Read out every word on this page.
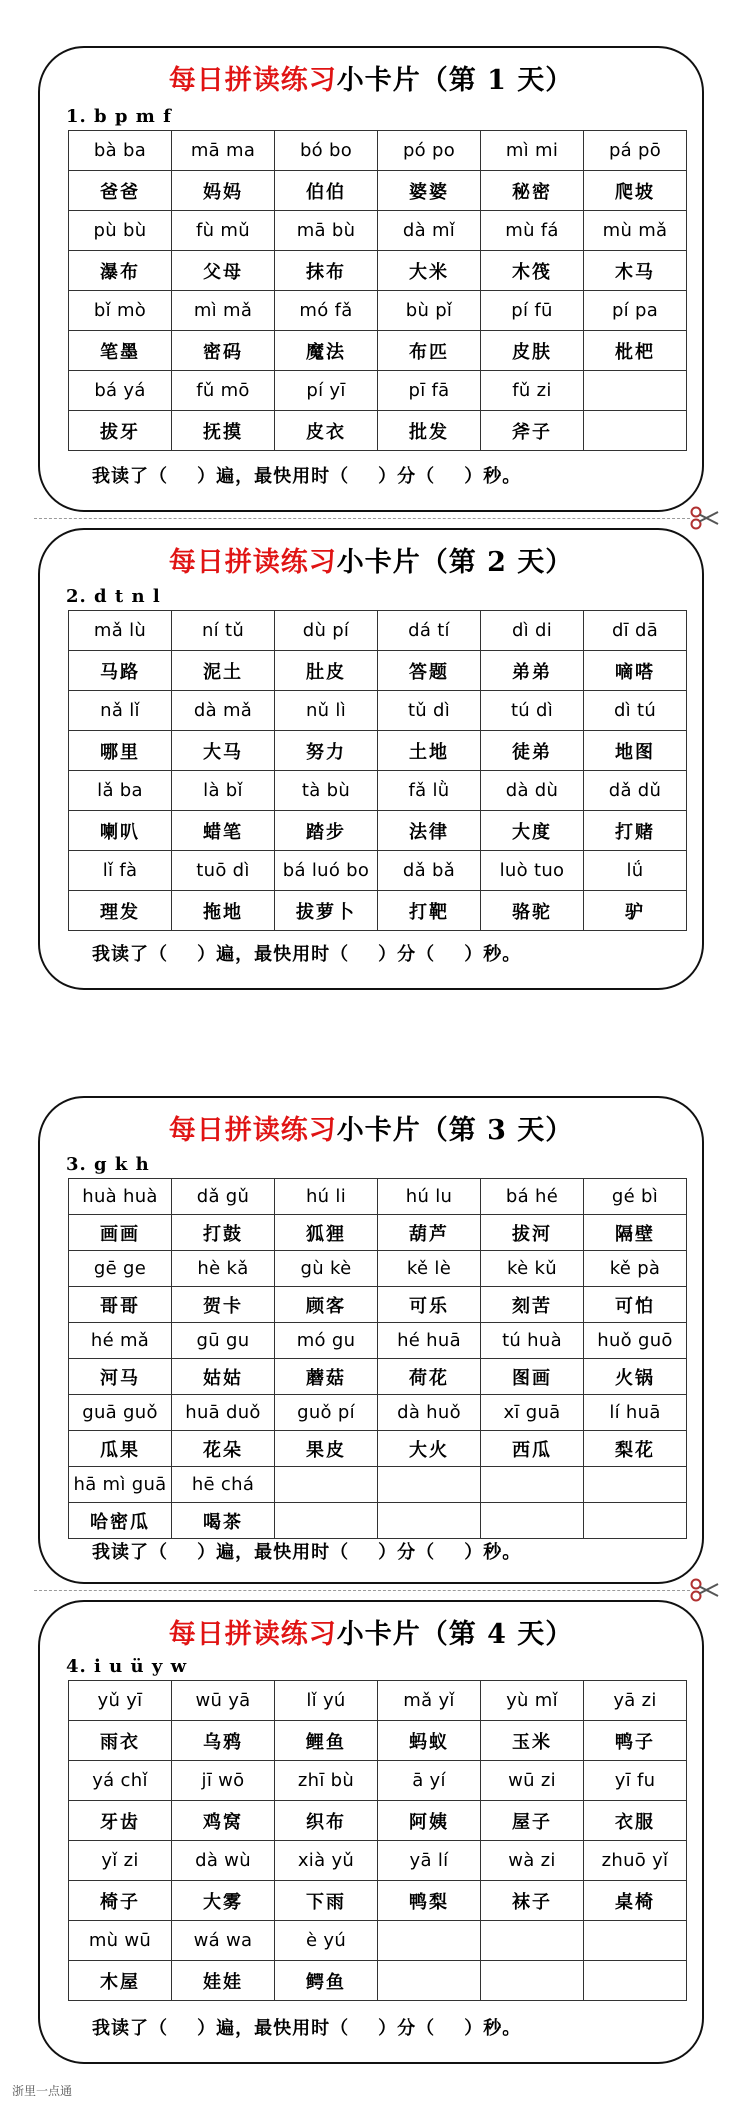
每日拼读练习小卡片（第 1 天）
1. b p m f
bà ba	mā ma	bó bo	pó po	mì mi	pá pō
爸爸	妈妈	伯伯	婆婆	秘密	爬坡
pù bù	fù mǔ	mā bù	dà mǐ	mù fá	mù mǎ
瀑布	父母	抹布	大米	木筏	木马
bǐ mò	mì mǎ	mó fǎ	bù pǐ	pí fū	pí pa
笔墨	密码	魔法	布匹	皮肤	枇杷
bá yá	fǔ mō	pí yī	pī fā	fǔ zi	
拔牙	抚摸	皮衣	批发	斧子	
我读了（    ）遍，最快用时（    ）分（    ）秒。
每日拼读练习小卡片（第 2 天）
2. d t n l
mǎ lù	ní tǔ	dù pí	dá tí	dì di	dī dā
马路	泥土	肚皮	答题	弟弟	嘀嗒
nǎ lǐ	dà mǎ	nǔ lì	tǔ dì	tú dì	dì tú
哪里	大马	努力	土地	徒弟	地图
lǎ ba	là bǐ	tà bù	fǎ lǜ	dà dù	dǎ dǔ
喇叭	蜡笔	踏步	法律	大度	打赌
lǐ fà	tuō dì	bá luó bo	dǎ bǎ	luò tuo	lǘ
理发	拖地	拔萝卜	打靶	骆驼	驴
我读了（    ）遍，最快用时（    ）分（    ）秒。
每日拼读练习小卡片（第 3 天）
3. g k h
huà huà	dǎ gǔ	hú li	hú lu	bá hé	gé bì
画画	打鼓	狐狸	葫芦	拔河	隔壁
gē ge	hè kǎ	gù kè	kě lè	kè kǔ	kě pà
哥哥	贺卡	顾客	可乐	刻苦	可怕
hé mǎ	gū gu	mó gu	hé huā	tú huà	huǒ guō
河马	姑姑	蘑菇	荷花	图画	火锅
guā guǒ	huā duǒ	guǒ pí	dà huǒ	xī guā	lí huā
瓜果	花朵	果皮	大火	西瓜	梨花
hā mì guā	hē chá				
哈密瓜	喝茶				
我读了（    ）遍，最快用时（    ）分（    ）秒。
每日拼读练习小卡片（第 4 天）
4. i u ü y w
yǔ yī	wū yā	lǐ yú	mǎ yǐ	yù mǐ	yā zi
雨衣	乌鸦	鲤鱼	蚂蚁	玉米	鸭子
yá chǐ	jī wō	zhī bù	ā yí	wū zi	yī fu
牙齿	鸡窝	织布	阿姨	屋子	衣服
yǐ zi	dà wù	xià yǔ	yā lí	wà zi	zhuō yǐ
椅子	大雾	下雨	鸭梨	袜子	桌椅
mù wū	wá wa	è yú			
木屋	娃娃	鳄鱼			
我读了（    ）遍，最快用时（    ）分（    ）秒。
浙里一点通
